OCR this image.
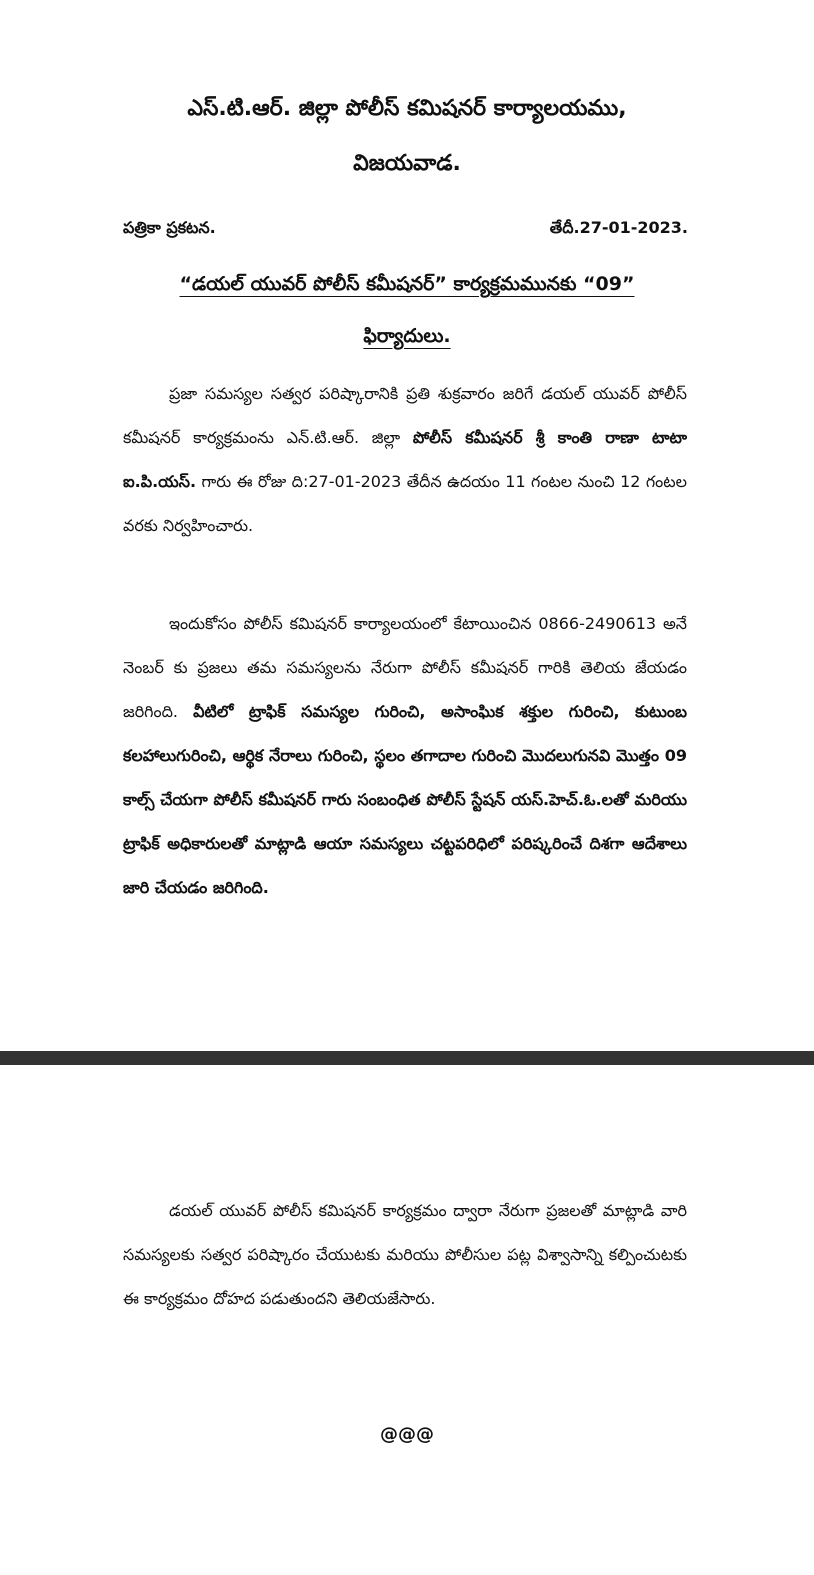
ఎస్.టి.ఆర్. జిల్లా పోలీస్ కమిషనర్ కార్యాలయము,
విజయవాడ.
పత్రికా ప్రకటన.	తేదీ.27-01-2023.
“డయల్ యువర్ పోలీస్ కమీషనర్” కార్యక్రమమునకు “09”
ఫిర్యాదులు.

ప్రజా సమస్యల సత్వర పరిష్కారానికి ప్రతి శుక్రవారం జరిగే డయల్ యువర్ పోలీస్ కమీషనర్ కార్యక్రమంను ఎన్.టి.ఆర్. జిల్లా పోలీస్ కమీషనర్ శ్రీ కాంతి రాణా టాటా ఐ.పి.యస్. గారు ఈ రోజు ది:27-01-2023 తేదీన ఉదయం 11 గంటల నుంచి 12 గంటల వరకు నిర్వహించారు.

ఇందుకోసం పోలీస్ కమిషనర్ కార్యాలయంలో కేటాయించిన 0866-2490613 అనే నెంబర్ కు ప్రజలు తమ సమస్యలను నేరుగా పోలీస్ కమీషనర్ గారికి తెలియ జేయడం జరిగింది. వీటిలో ట్రాఫిక్ సమస్యల గురించి, అసాంఘిక శక్తుల గురించి, కుటుంబ కలహాలుగురించి, ఆర్థిక నేరాలు గురించి, స్థలం తగాదాల గురించి మొదలుగునవి మొత్తం 09 కాల్స్ చేయగా పోలీస్ కమీషనర్ గారు సంబంధిత పోలీస్ స్టేషన్ యస్.హెచ్.ఓ.లతో మరియు ట్రాఫిక్ అధికారులతో మాట్లాడి ఆయా సమస్యలు చట్టపరిధిలో పరిష్కరించే దిశగా ఆదేశాలు జారి చేయడం జరిగింది.

డయల్ యువర్ పోలీస్ కమిషనర్ కార్యక్రమం ద్వారా నేరుగా ప్రజలతో మాట్లాడి వారి సమస్యలకు సత్వర పరిష్కారం చేయుటకు మరియు పోలీసుల పట్ల విశ్వాసాన్ని కల్పించుటకు ఈ కార్యక్రమం దోహద పడుతుందని తెలియజేసారు.

@@@
